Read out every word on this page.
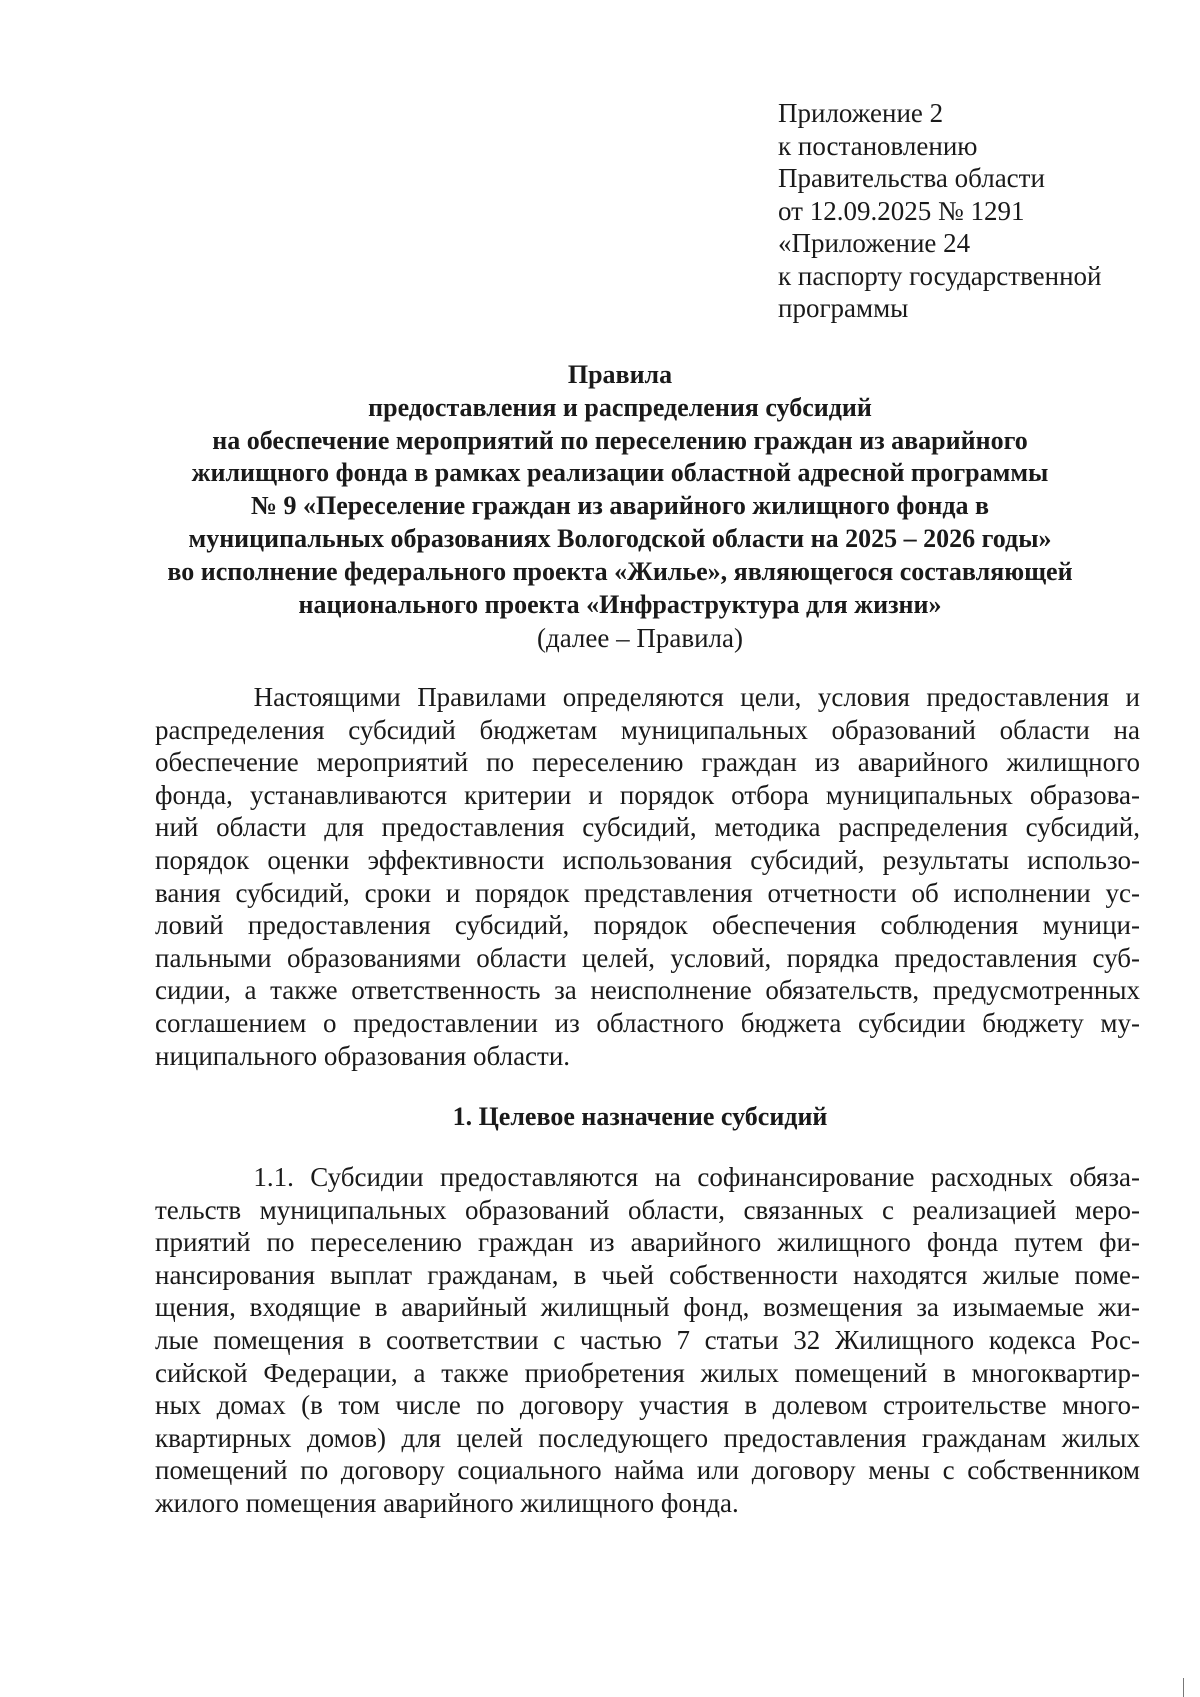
Приложение 2
к постановлению
Правительства области
от 12.09.2025 № 1291
«Приложение 24
к паспорту государственной
программы
Правила
предоставления и распределения субсидий
на обеспечение мероприятий по переселению граждан из аварийного
жилищного фонда в рамках реализации областной адресной программы
№ 9 «Переселение граждан из аварийного жилищного фонда в
муниципальных образованиях Вологодской области на 2025 – 2026 годы»
во исполнение федерального проекта «Жилье», являющегося составляющей
национального проекта «Инфраструктура для жизни»
(далее – Правила)
Настоящими Правилами определяются цели, условия предоставления и
распределения субсидий бюджетам муниципальных образований области на
обеспечение мероприятий по переселению граждан из аварийного жилищного
фонда, устанавливаются критерии и порядок отбора муниципальных образова-
ний области для предоставления субсидий, методика распределения субсидий,
порядок оценки эффективности использования субсидий, результаты использо-
вания субсидий, сроки и порядок представления отчетности об исполнении ус-
ловий предоставления субсидий, порядок обеспечения соблюдения муници-
пальными образованиями области целей, условий, порядка предоставления суб-
сидии, а также ответственность за неисполнение обязательств, предусмотренных
соглашением о предоставлении из областного бюджета субсидии бюджету му-
ниципального образования области.
1. Целевое назначение субсидий
1.1. Субсидии предоставляются на софинансирование расходных обяза-
тельств муниципальных образований области, связанных с реализацией меро-
приятий по переселению граждан из аварийного жилищного фонда путем фи-
нансирования выплат гражданам, в чьей собственности находятся жилые поме-
щения, входящие в аварийный жилищный фонд, возмещения за изымаемые жи-
лые помещения в соответствии с частью 7 статьи 32 Жилищного кодекса Рос-
сийской Федерации, а также приобретения жилых помещений в многоквартир-
ных домах (в том числе по договору участия в долевом строительстве много-
квартирных домов) для целей последующего предоставления гражданам жилых
помещений по договору социального найма или договору мены с собственником
жилого помещения аварийного жилищного фонда.
